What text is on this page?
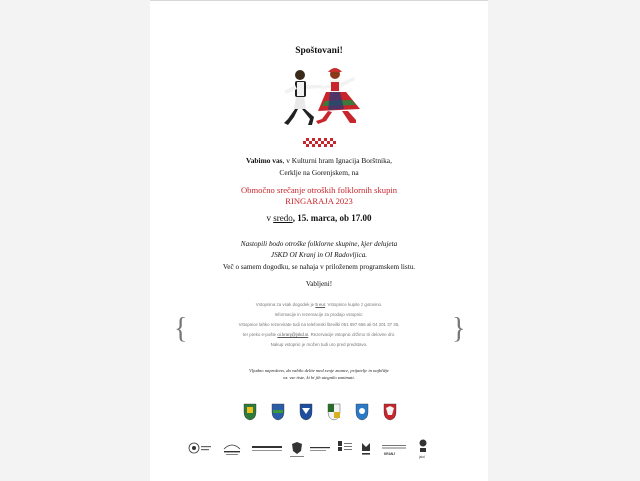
Spoštovani!
Vabimo vas, v Kulturni hram Ignacija Borštnika,
Cerklje na Gorenjskem, na
Območno srečanje otroških folklornih skupin
RINGARAJA 2023
v sredo, 15. marca, ob 17.00
Nastopili bodo otroške folklorne skupine, kjer delujeta
JSKD OI Kranj in OI Radovljica.
Več o samem dogodku, se nahaja v priloženem programskem listu.
Vabljeni!
{	}
Vstopnina za vsak dogodek je 5 eur. Vstopnice kupite z gotovino.
Informacije in rezervacije za prodajo vstopnic:
Vstopnice lahko rezervirate tudi na telefonski številki 051 697 666 ali 04 201 37 35,
ter preko e-pošte oi.kranj@jskd.si. Rezervacije vstopnic držimo tri delovne dni.
Nakup vstopnic je možen tudi uro pred predstavo.
Vljudno naprošeno, da vabilo delite med svoje znance, prijatelje in najbližje
oz. vse tiste, ki bi jih utegnilo zanimati.
KRANJ
jskd
